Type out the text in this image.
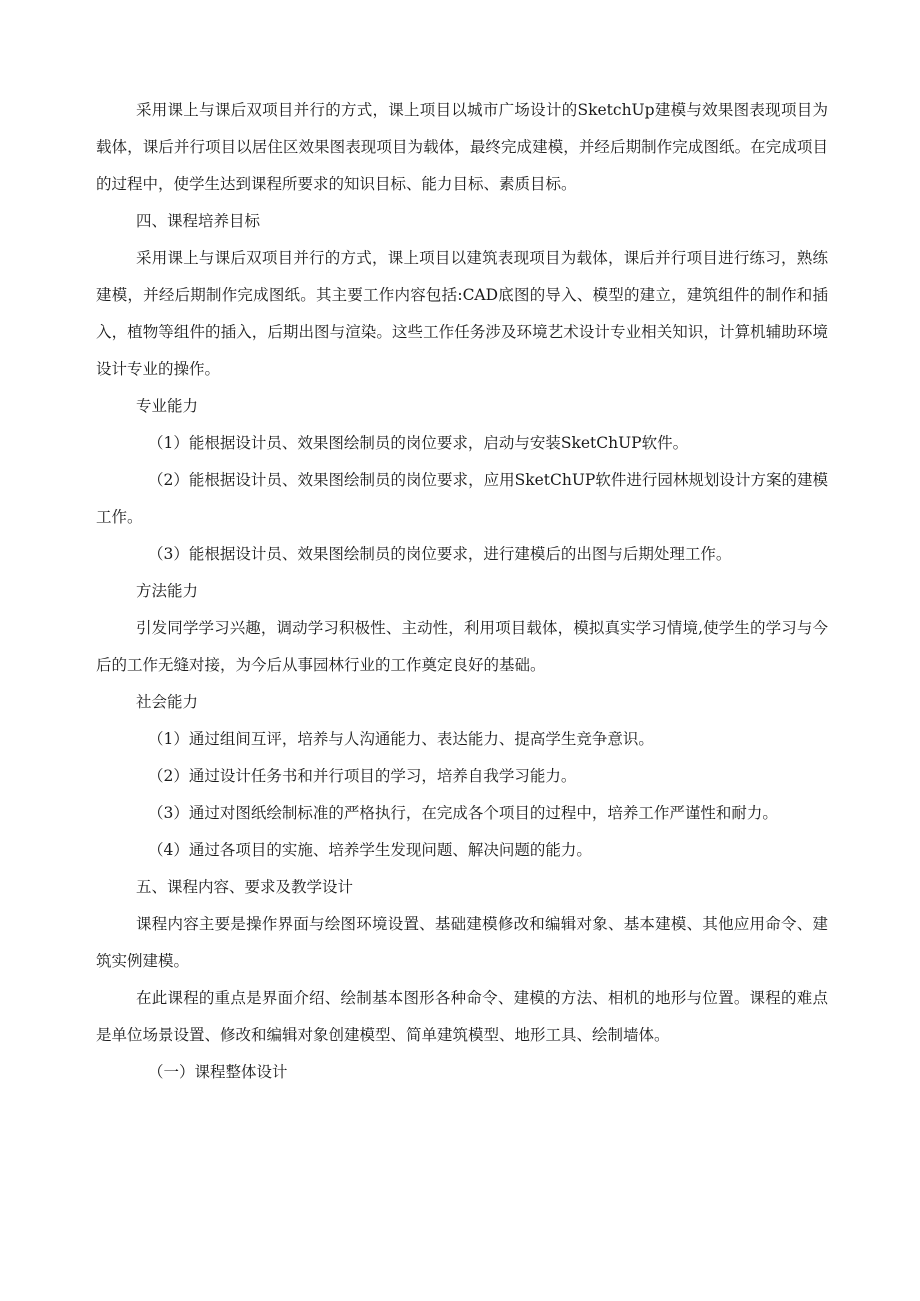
采用课上与课后双项目并行的方式，课上项目以城市广场设计的SketchUp建模与效果图表现项目为载体，课后并行项目以居住区效果图表现项目为载体，最终完成建模，并经后期制作完成图纸。在完成项目的过程中，使学生达到课程所要求的知识目标、能力目标、素质目标。

四、课程培养目标

采用课上与课后双项目并行的方式，课上项目以建筑表现项目为载体，课后并行项目进行练习，熟练建模，并经后期制作完成图纸。其主要工作内容包括:CAD底图的导入、模型的建立，建筑组件的制作和插入，植物等组件的插入，后期出图与渲染。这些工作任务涉及环境艺术设计专业相关知识，计算机辅助环境设计专业的操作。

专业能力

（1）能根据设计员、效果图绘制员的岗位要求，启动与安装SketChUP软件。

（2）能根据设计员、效果图绘制员的岗位要求，应用SketChUP软件进行园林规划设计方案的建模工作。

（3）能根据设计员、效果图绘制员的岗位要求，进行建模后的出图与后期处理工作。

方法能力

引发同学学习兴趣，调动学习积极性、主动性，利用项目载体，模拟真实学习情境,使学生的学习与今后的工作无缝对接，为今后从事园林行业的工作奠定良好的基础。

社会能力

（1）通过组间互评，培养与人沟通能力、表达能力、提高学生竞争意识。

（2）通过设计任务书和并行项目的学习，培养自我学习能力。

（3）通过对图纸绘制标准的严格执行，在完成各个项目的过程中，培养工作严谨性和耐力。

（4）通过各项目的实施、培养学生发现问题、解决问题的能力。

五、课程内容、要求及教学设计

课程内容主要是操作界面与绘图环境设置、基础建模修改和编辑对象、基本建模、其他应用命令、建筑实例建模。

在此课程的重点是界面介绍、绘制基本图形各种命令、建模的方法、相机的地形与位置。课程的难点是单位场景设置、修改和编辑对象创建模型、简单建筑模型、地形工具、绘制墙体。

（一）课程整体设计
